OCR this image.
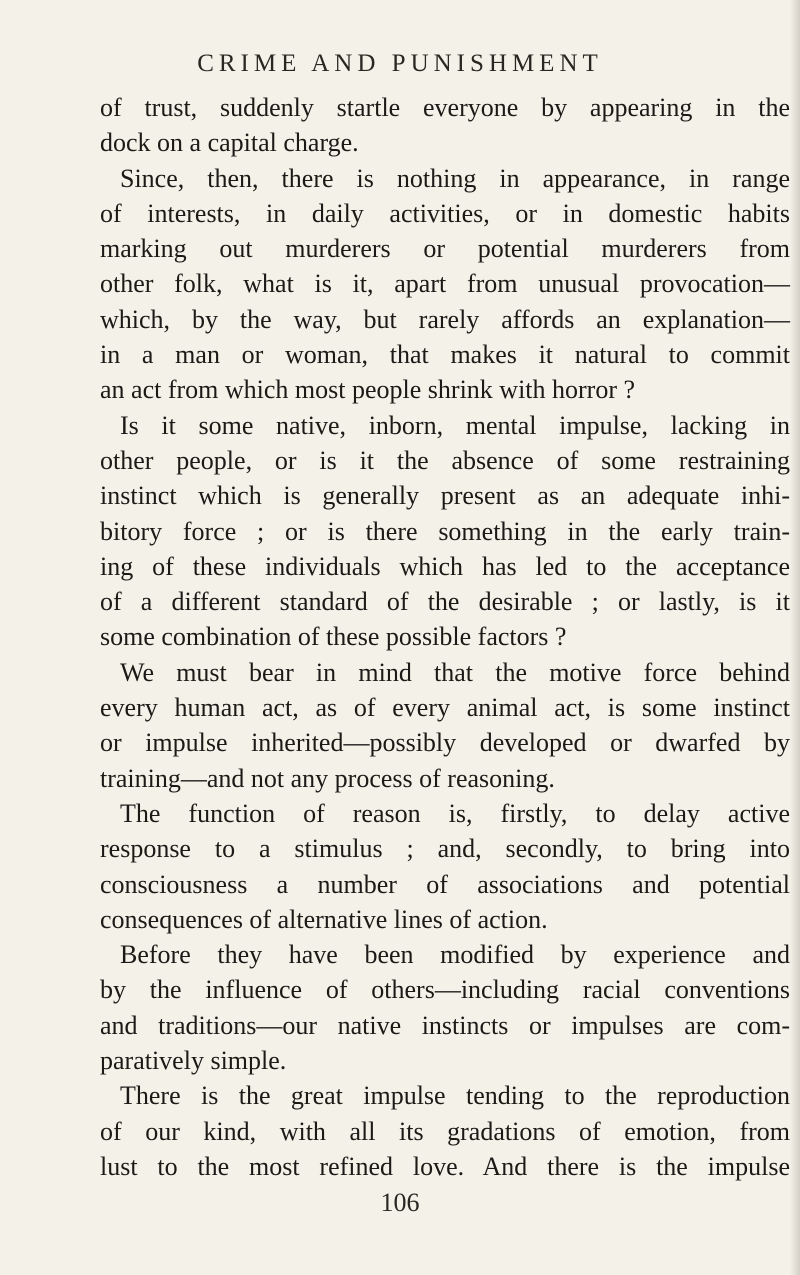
CRIME AND PUNISHMENT
of trust, suddenly startle everyone by appearing in the
dock on a capital charge.
Since, then, there is nothing in appearance, in range
of interests, in daily activities, or in domestic habits
marking out murderers or potential murderers from
other folk, what is it, apart from unusual provocation—
which, by the way, but rarely affords an explanation—
in a man or woman, that makes it natural to commit
an act from which most people shrink with horror ?
Is it some native, inborn, mental impulse, lacking in
other people, or is it the absence of some restraining
instinct which is generally present as an adequate inhi-
bitory force ; or is there something in the early train-
ing of these individuals which has led to the acceptance
of a different standard of the desirable ; or lastly, is it
some combination of these possible factors ?
We must bear in mind that the motive force behind
every human act, as of every animal act, is some instinct
or impulse inherited—possibly developed or dwarfed by
training—and not any process of reasoning.
The function of reason is, firstly, to delay active
response to a stimulus ; and, secondly, to bring into
consciousness a number of associations and potential
consequences of alternative lines of action.
Before they have been modified by experience and
by the influence of others—including racial conventions
and traditions—our native instincts or impulses are com-
paratively simple.
There is the great impulse tending to the reproduction
of our kind, with all its gradations of emotion, from
lust to the most refined love. And there is the impulse
106
